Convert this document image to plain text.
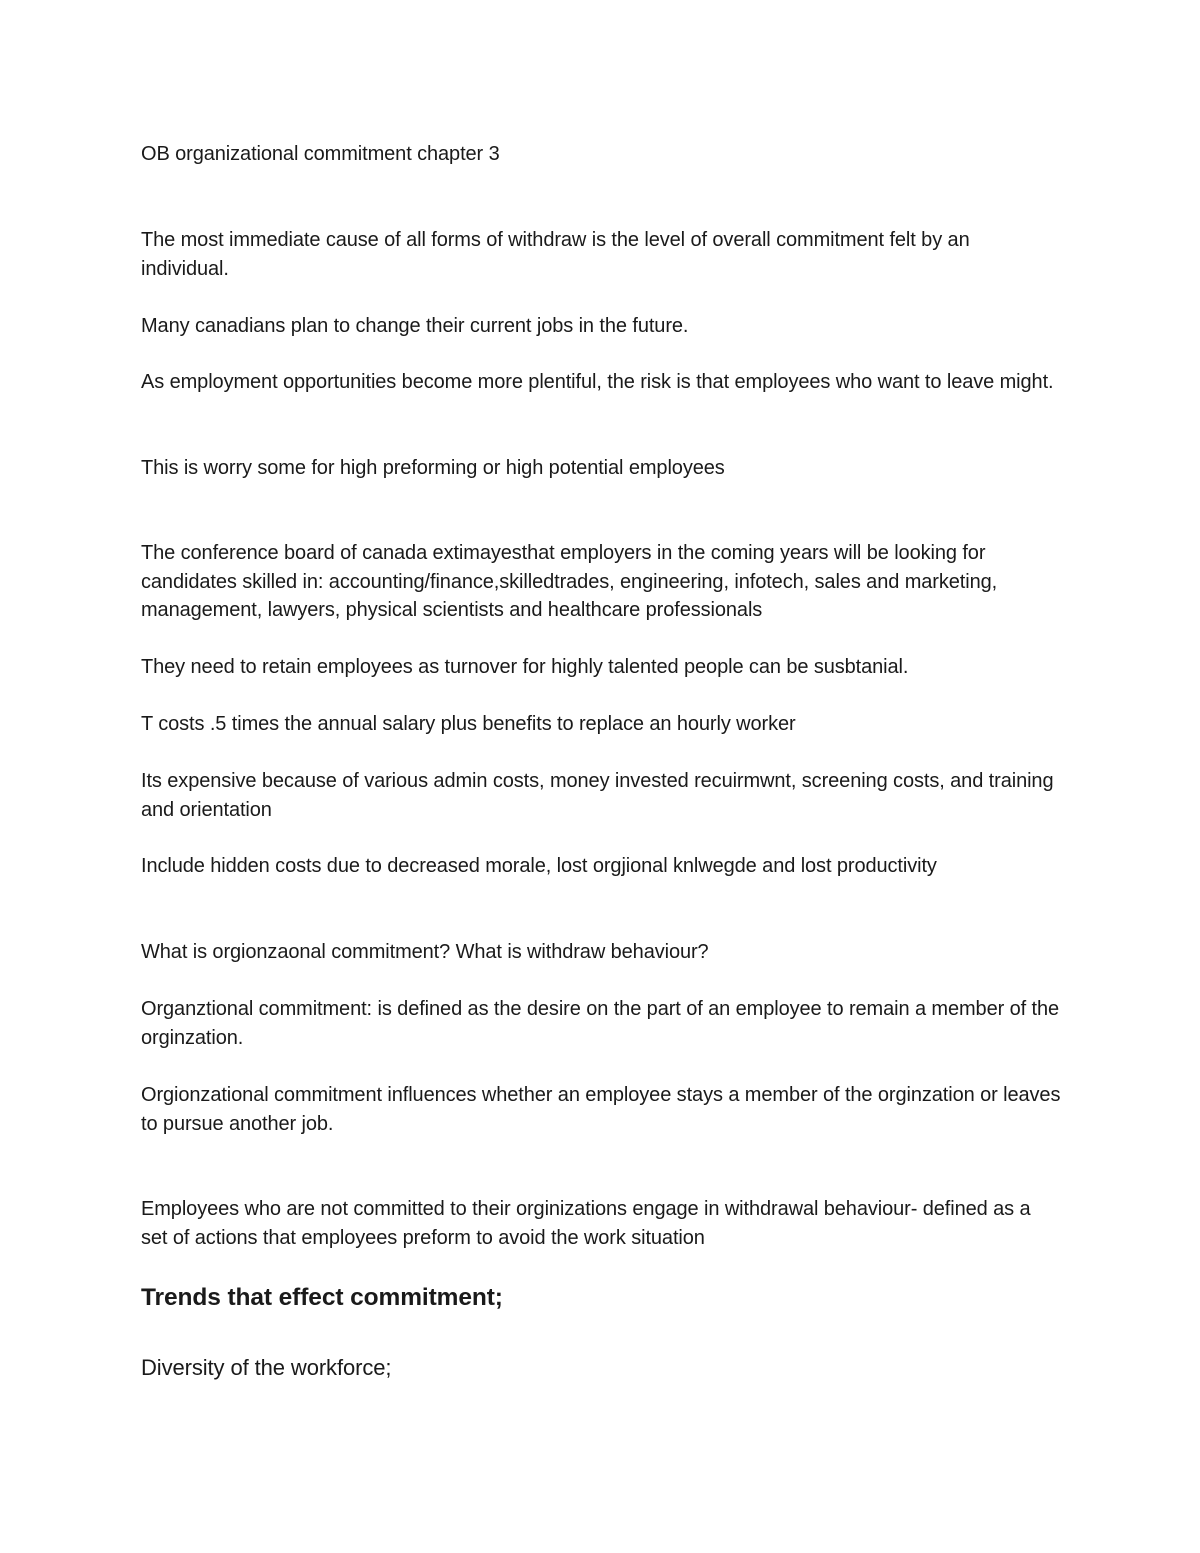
OB organizational commitment chapter 3

The most immediate cause of all forms of withdraw is the level of overall commitment felt by an individual.

Many canadians plan to change their current jobs in the future.

As employment opportunities become more plentiful, the risk is that employees who want to leave might.

This is worry some for high preforming or high potential employees

The conference board of canada extimayesthat employers in the coming years will be looking for candidates skilled in: accounting/finance,skilledtrades, engineering, infotech, sales and marketing, management, lawyers, physical scientists and healthcare professionals

They need to retain employees as turnover for highly talented people can be susbtanial.

T costs .5 times the annual salary plus benefits to replace an hourly worker

Its expensive because of various admin costs, money invested recuirmwnt, screening costs, and training and orientation

Include hidden costs due to decreased morale, lost orgjional knlwegde and lost productivity

What is orgionzaonal commitment? What is withdraw behaviour?

Organztional commitment: is defined as the desire on the part of an employee to remain a member of the orginzation.

Orgionzational commitment influences whether an employee stays a member of the orginzation or leaves to pursue another job.

Employees who are not committed to their orginizations engage in withdrawal behaviour- defined as a set of actions that employees preform to avoid the work situation

Trends that effect commitment;

Diversity of the workforce;
